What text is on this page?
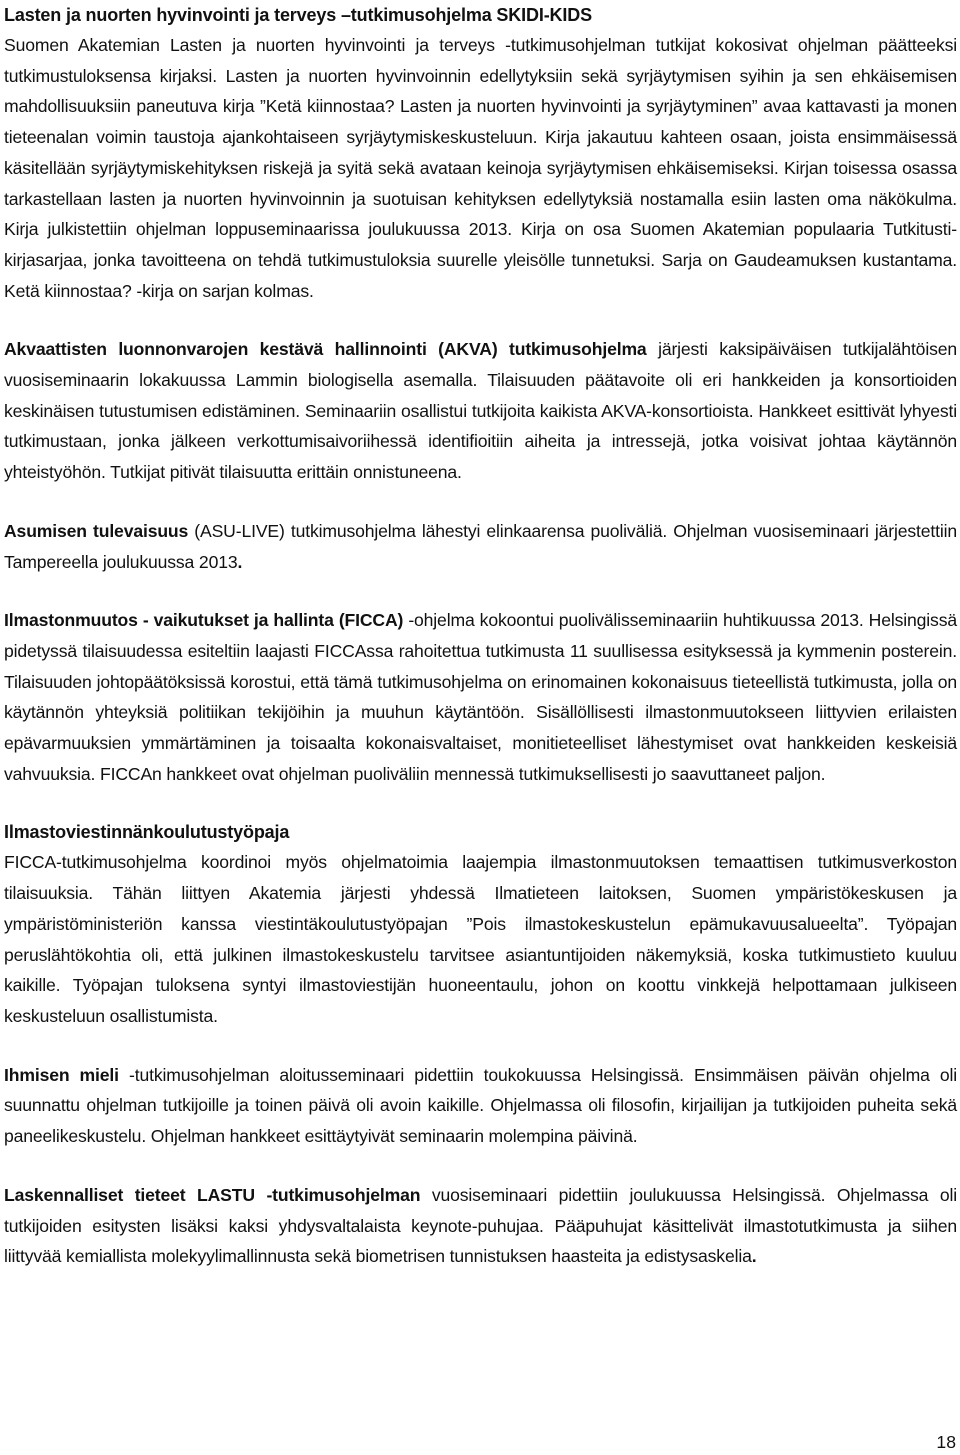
Lasten ja nuorten hyvinvointi ja terveys –tutkimusohjelma SKIDI-KIDS

Suomen Akatemian Lasten ja nuorten hyvinvointi ja terveys -tutkimusohjelman tutkijat kokosivat ohjelman päätteeksi tutkimustuloksensa kirjaksi. Lasten ja nuorten hyvinvoinnin edellytyksiin sekä syrjäytymisen syihin ja sen ehkäisemisen mahdollisuuksiin paneutuva kirja ”Ketä kiinnostaa? Lasten ja nuorten hyvinvointi ja syrjäytyminen” avaa kattavasti ja monen tieteenalan voimin taustoja ajankohtaiseen syrjäytymiskeskusteluun. Kirja jakautuu kahteen osaan, joista ensimmäisessä käsitellään syrjäytymiskehityksen riskejä ja syitä sekä avataan keinoja syrjäytymisen ehkäisemiseksi. Kirjan toisessa osassa tarkastellaan lasten ja nuorten hyvinvoinnin ja suotuisan kehityksen edellytyksiä nostamalla esiin lasten oma näkökulma. Kirja julkistettiin ohjelman loppuseminaarissa joulukuussa 2013. Kirja on osa Suomen Akatemian populaaria Tutkitusti-kirjasarjaa, jonka tavoitteena on tehdä tutkimustuloksia suurelle yleisölle tunnetuksi. Sarja on Gaudeamuksen kustantama. Ketä kiinnostaa? -kirja on sarjan kolmas.

Akvaattisten luonnonvarojen kestävä hallinnointi (AKVA) tutkimusohjelma järjesti kaksipäiväisen tutkijalähtöisen vuosiseminaarin lokakuussa Lammin biologisella asemalla. Tilaisuuden päätavoite oli eri hankkeiden ja konsortioiden keskinäisen tutustumisen edistäminen. Seminaariin osallistui tutkijoita kaikista AKVA-konsortioista. Hankkeet esittivät lyhyesti tutkimustaan, jonka jälkeen verkottumisaivoriihessä identifioitiin aiheita ja intressejä, jotka voisivat johtaa käytännön yhteistyöhön. Tutkijat pitivät tilaisuutta erittäin onnistuneena.

Asumisen tulevaisuus (ASU-LIVE) tutkimusohjelma lähestyi elinkaarensa puoliväliä. Ohjelman vuosiseminaari järjestettiin Tampereella joulukuussa 2013.

Ilmastonmuutos - vaikutukset ja hallinta (FICCA) -ohjelma kokoontui puolivälisseminaariin huhtikuussa 2013. Helsingissä pidetyssä tilaisuudessa esiteltiin laajasti FICCAssa rahoitettua tutkimusta 11 suullisessa esityksessä ja kymmenin posterein. Tilaisuuden johtopäätöksissä korostui, että tämä tutkimusohjelma on erinomainen kokonaisuus tieteellistä tutkimusta, jolla on käytännön yhteyksiä politiikan tekijöihin ja muuhun käytäntöön. Sisällöllisesti ilmastonmuutokseen liittyvien erilaisten epävarmuuksien ymmärtäminen ja toisaalta kokonaisvaltaiset, monitieteelliset lähestymiset ovat hankkeiden keskeisiä vahvuuksia. FICCAn hankkeet ovat ohjelman puoliväliin mennessä tutkimuksellisesti jo saavuttaneet paljon.

Ilmastoviestinnänkoulutustyöpaja

FICCA-tutkimusohjelma koordinoi myös ohjelmatoimia laajempia ilmastonmuutoksen temaattisen tutkimusverkoston tilaisuuksia. Tähän liittyen Akatemia järjesti yhdessä Ilmatieteen laitoksen, Suomen ympäristökeskusen ja ympäristöministeriön kanssa viestintäkoulutustyöpajan ”Pois ilmastokeskustelun epämukavuusalueelta”. Työpajan peruslähtökohtia oli, että julkinen ilmastokeskustelu tarvitsee asiantuntijoiden näkemyksiä, koska tutkimustieto kuuluu kaikille. Työpajan tuloksena syntyi ilmastoviestijän huoneentaulu, johon on koottu vinkkejä helpottamaan julkiseen keskusteluun osallistumista.

Ihmisen mieli -tutkimusohjelman aloitusseminaari pidettiin toukokuussa Helsingissä. Ensimmäisen päivän ohjelma oli suunnattu ohjelman tutkijoille ja toinen päivä oli avoin kaikille. Ohjelmassa oli filosofin, kirjailijan ja tutkijoiden puheita sekä paneelikeskustelu. Ohjelman hankkeet esittäytyivät seminaarin molempina päivinä.

Laskennalliset tieteet LASTU -tutkimusohjelman vuosiseminaari pidettiin joulukuussa Helsingissä. Ohjelmassa oli tutkijoiden esitysten lisäksi kaksi yhdysvaltalaista keynote-puhujaa. Pääpuhujat käsittelivät ilmastotutkimusta ja siihen liittyvää kemiallista molekyylimallinnusta sekä biometrisen tunnistuksen haasteita ja edistysaskelia.

18
